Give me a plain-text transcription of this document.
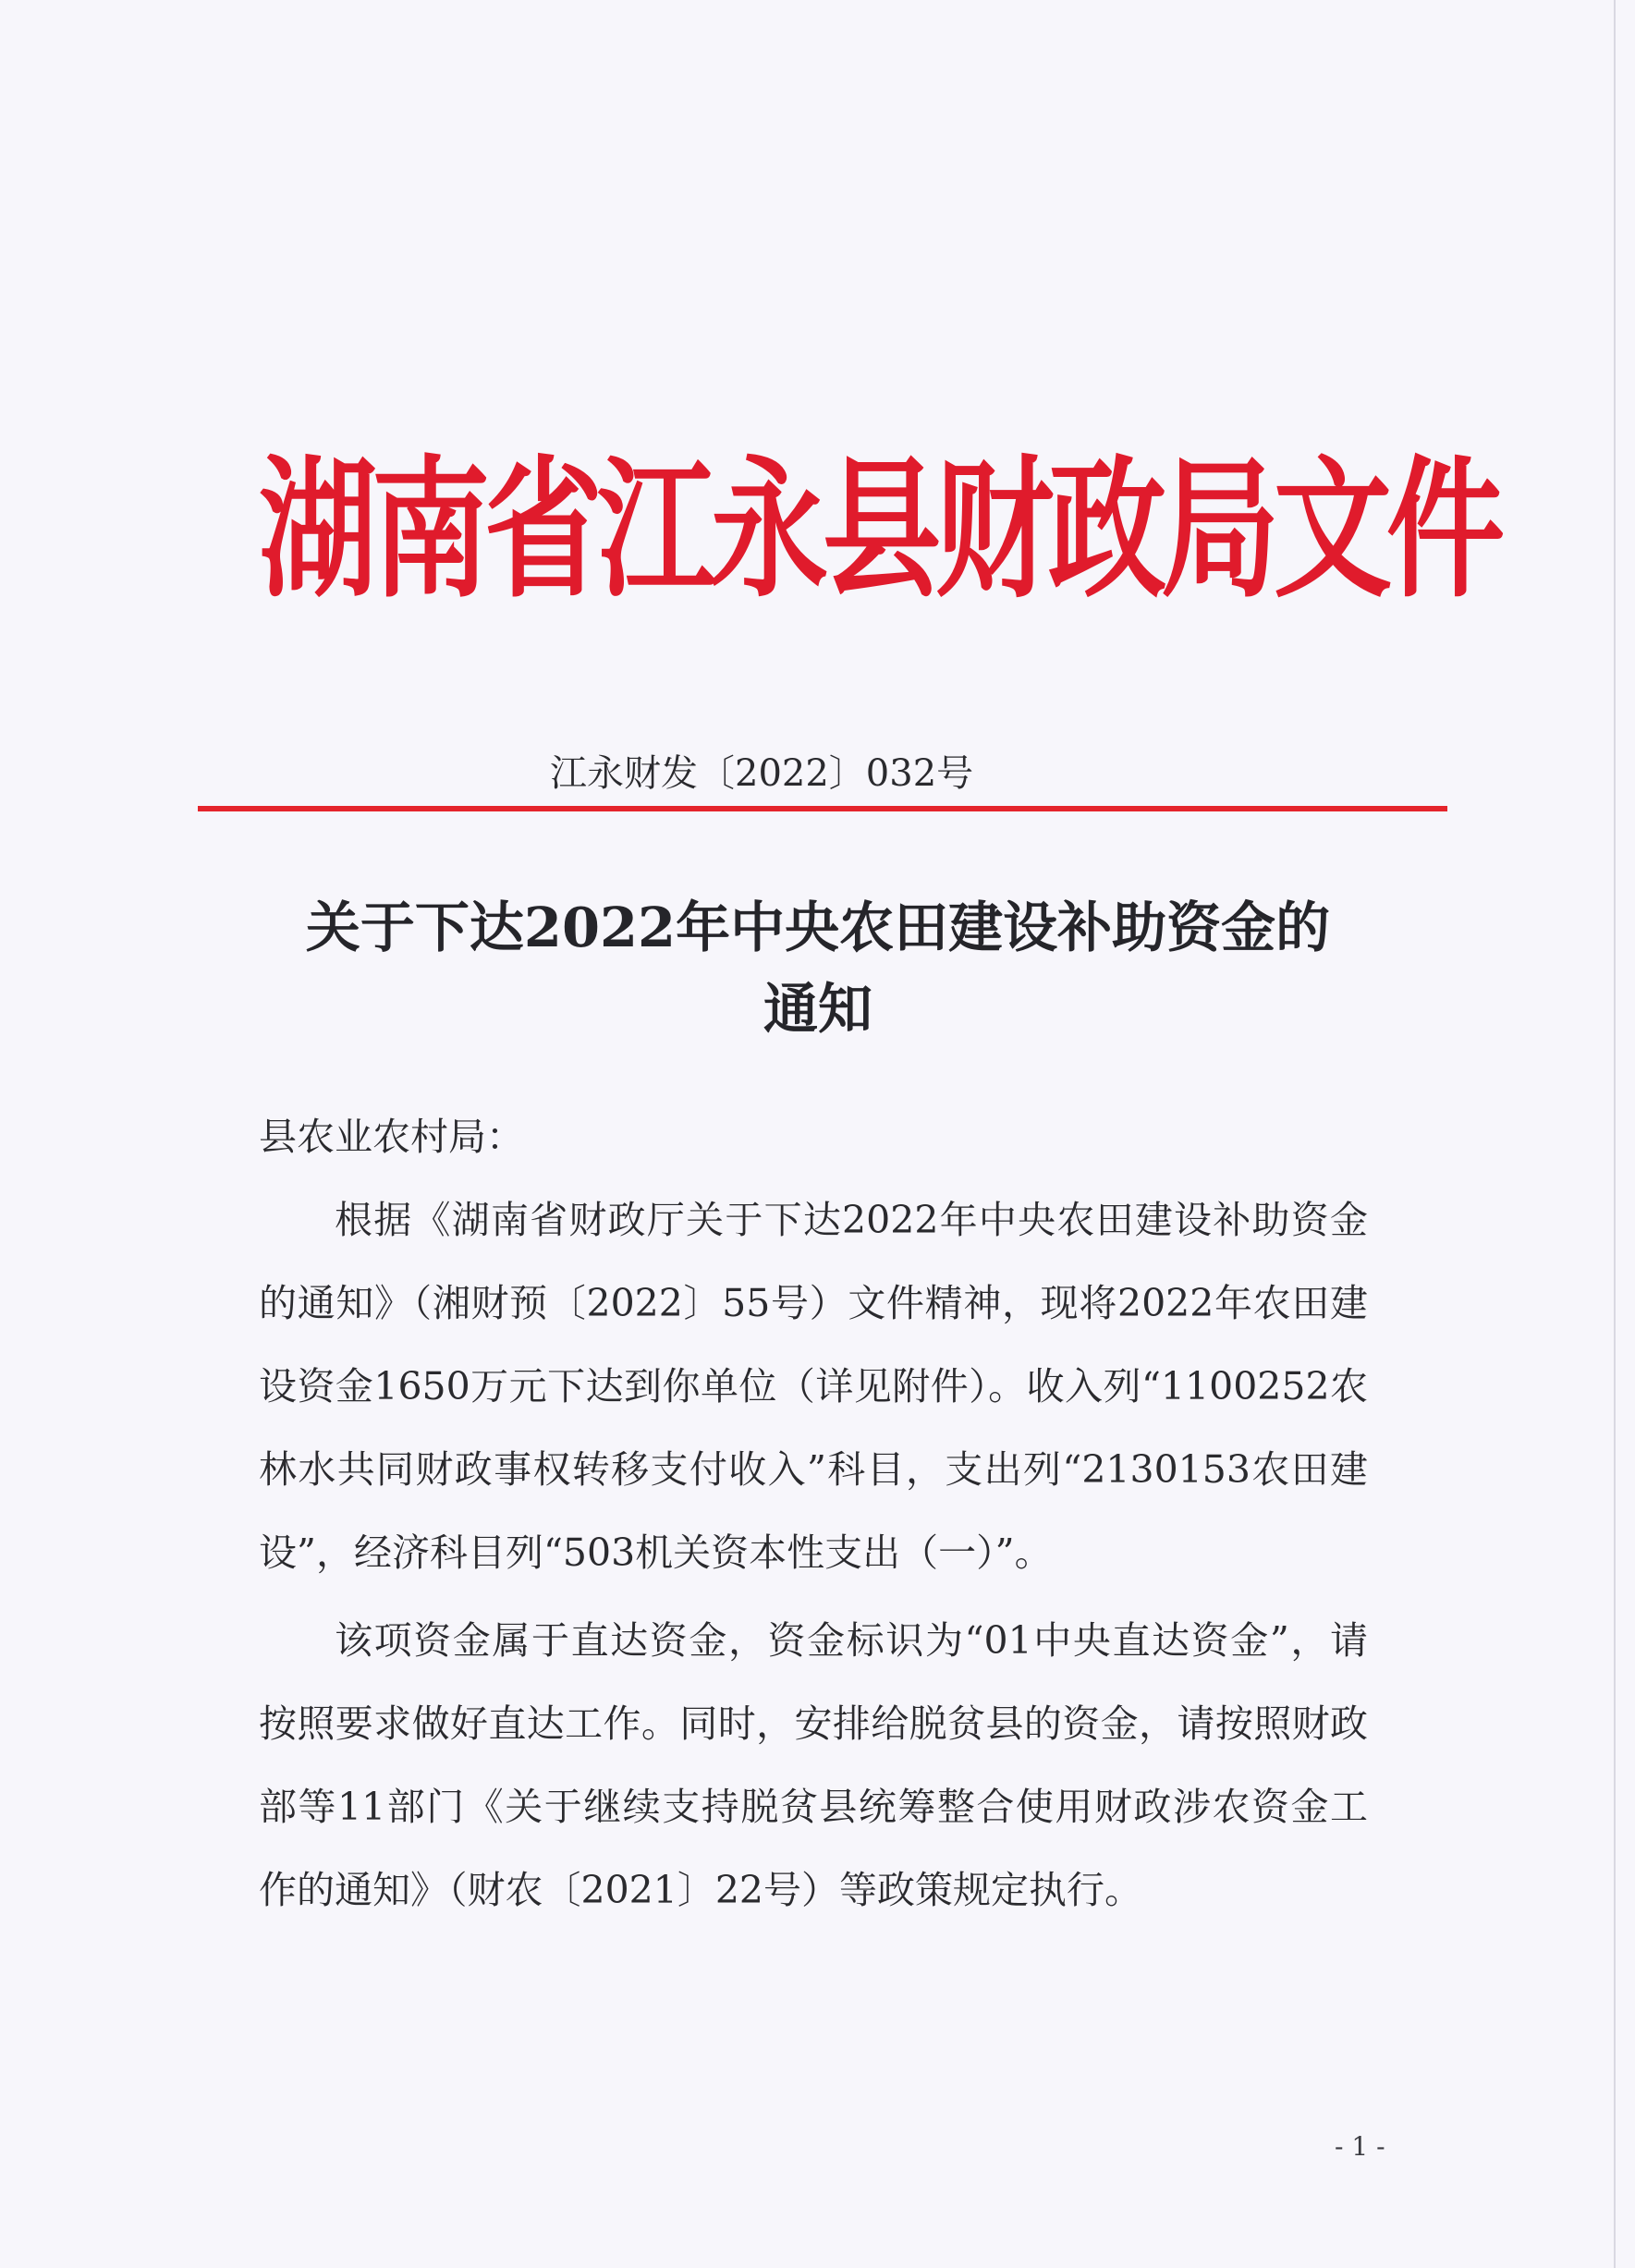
湖南省江永县财政局文件
江永财发〔2022〕032号
关于下达2022年中央农田建设补助资金的
通知
县农业农村局：

根据《湖南省财政厅关于下达2022年中央农田建设补助资金的通知》（湘财预〔2022〕55号）文件精神，现将2022年农田建设资金1650万元下达到你单位（详见附件）。收入列“1100252农林水共同财政事权转移支付收入”科目，支出列“2130153农田建设”，经济科目列“503机关资本性支出（一）”。

该项资金属于直达资金，资金标识为“01中央直达资金”，请按照要求做好直达工作。同时，安排给脱贫县的资金，请按照财政部等11部门《关于继续支持脱贫县统筹整合使用财政涉农资金工作的通知》（财农〔2021〕22号）等政策规定执行。

- 1 -
